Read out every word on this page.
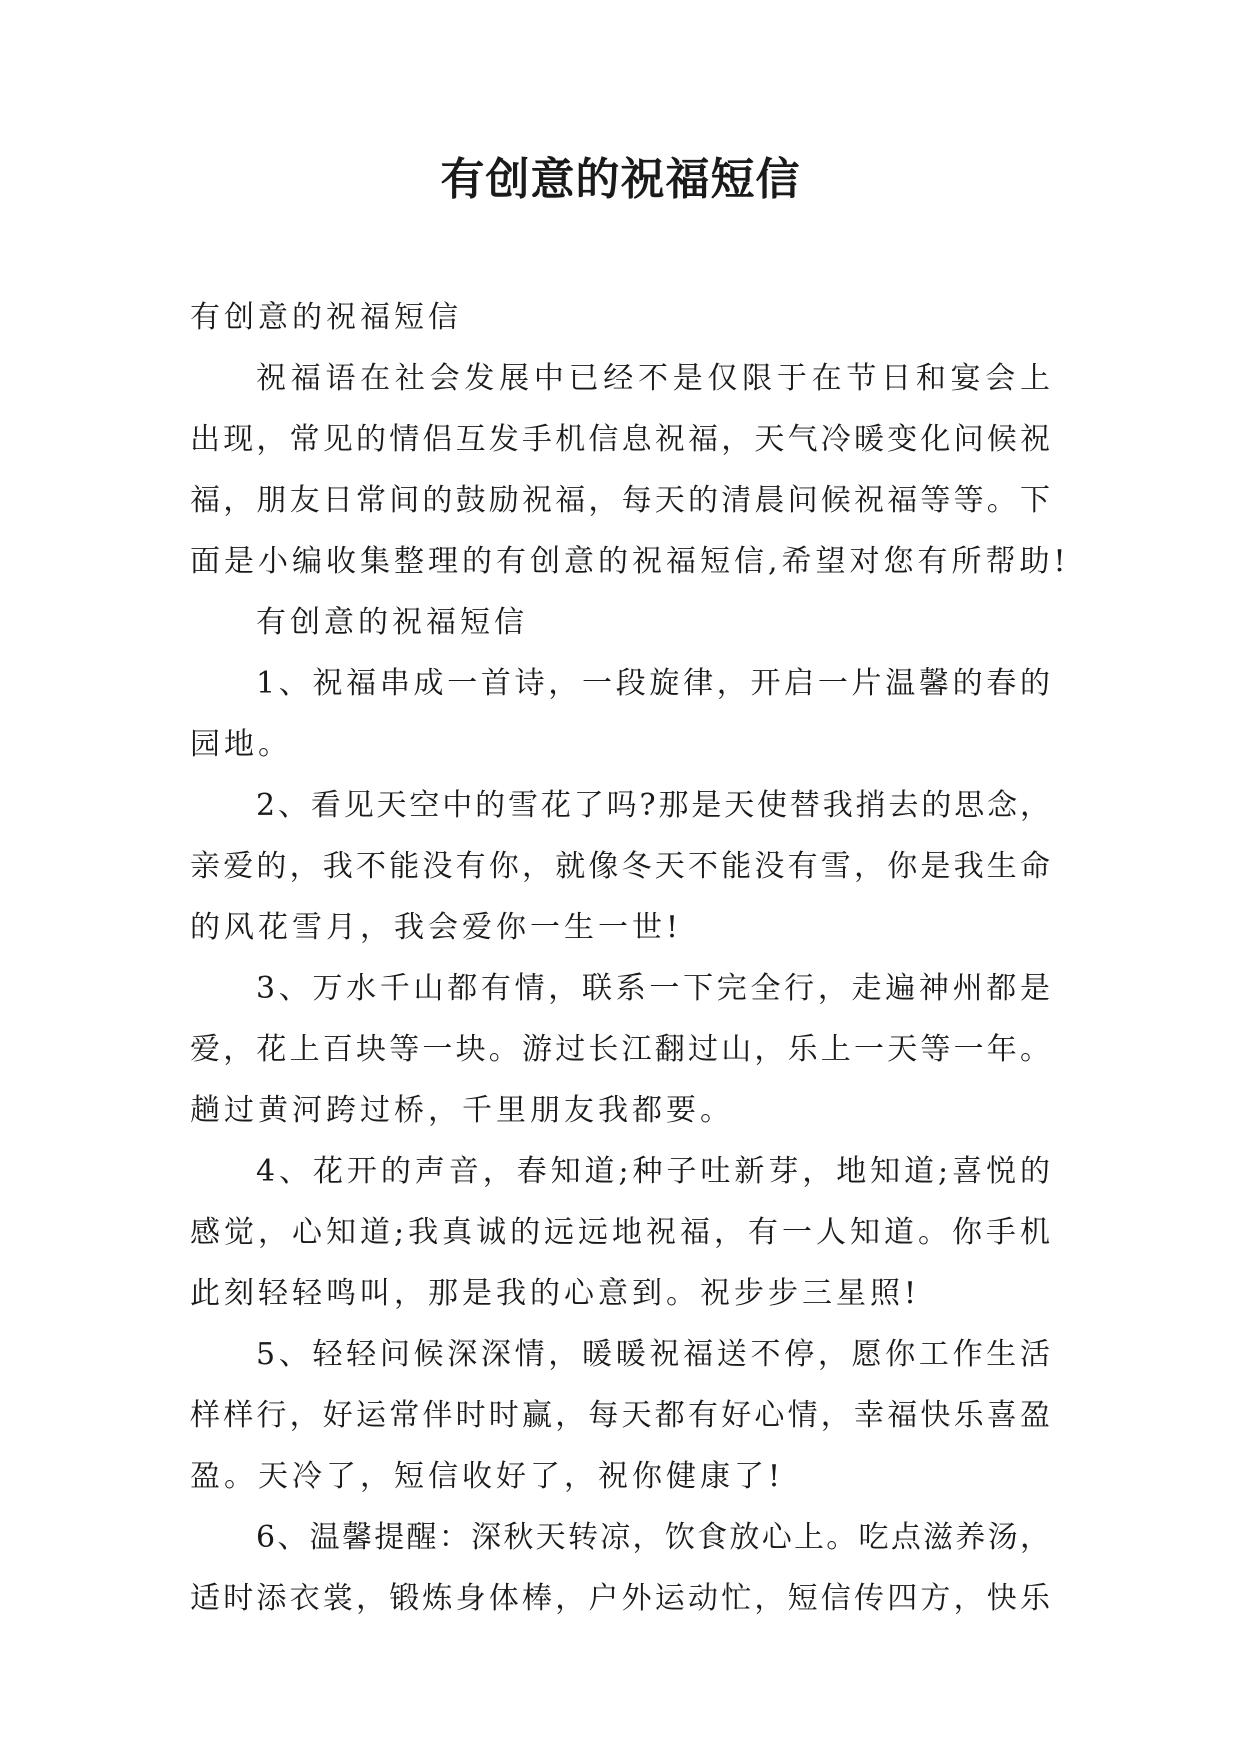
有创意的祝福短信

有创意的祝福短信

祝福语在社会发展中已经不是仅限于在节日和宴会上

出现，常见的情侣互发手机信息祝福，天气冷暖变化问候祝

福，朋友日常间的鼓励祝福，每天的清晨问候祝福等等。下

面是小编收集整理的有创意的祝福短信,希望对您有所帮助!

有创意的祝福短信

1、祝福串成一首诗，一段旋律，开启一片温馨的春的

园地。

2、看见天空中的雪花了吗?那是天使替我捎去的思念，

亲爱的，我不能没有你，就像冬天不能没有雪，你是我生命

的风花雪月，我会爱你一生一世!

3、万水千山都有情，联系一下完全行，走遍神州都是

爱，花上百块等一块。游过长江翻过山，乐上一天等一年。

趟过黄河跨过桥，千里朋友我都要。

4、花开的声音，春知道;种子吐新芽，地知道;喜悦的

感觉，心知道;我真诚的远远地祝福，有一人知道。你手机

此刻轻轻鸣叫，那是我的心意到。祝步步三星照!

5、轻轻问候深深情，暖暖祝福送不停，愿你工作生活

样样行，好运常伴时时赢，每天都有好心情，幸福快乐喜盈

盈。天冷了，短信收好了，祝你健康了!

6、温馨提醒：深秋天转凉，饮食放心上。吃点滋养汤，

适时添衣裳，锻炼身体棒，户外运动忙，短信传四方，快乐
